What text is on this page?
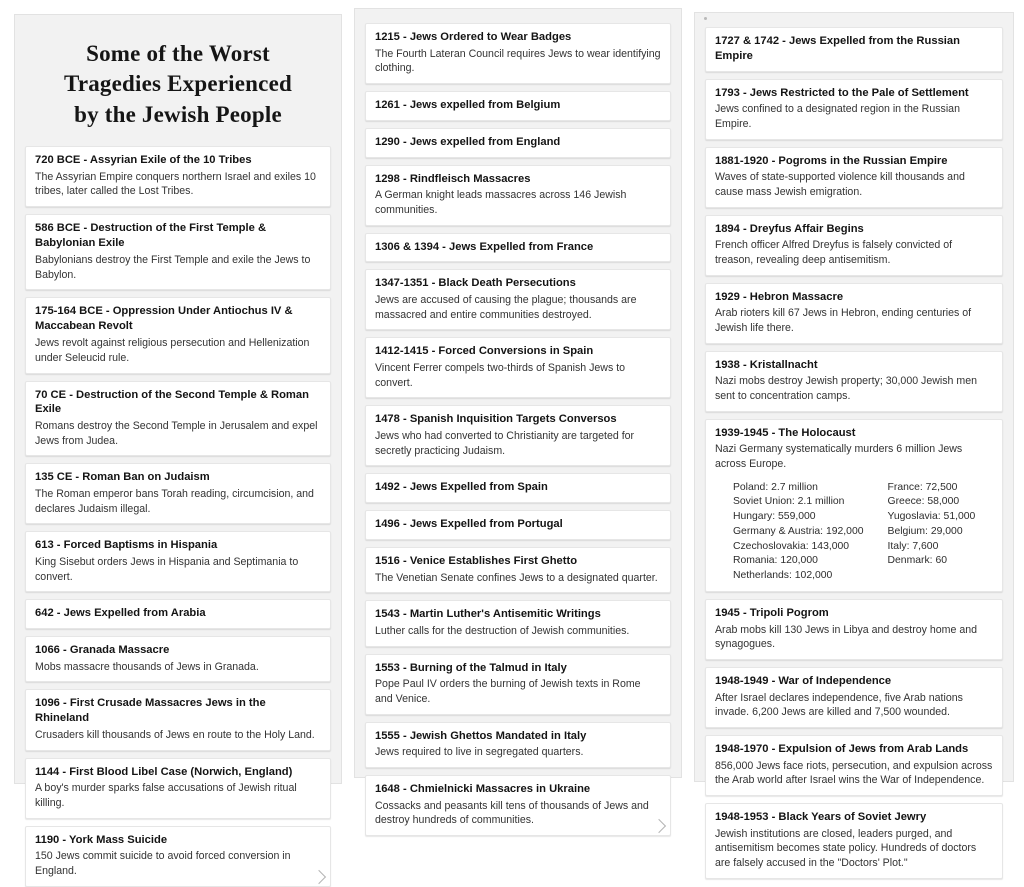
Some of the Worst
Tragedies Experienced
by the Jewish People
720 BCE - Assyrian Exile of the 10 Tribes
The Assyrian Empire conquers northern Israel and exiles 10 tribes, later called the Lost Tribes.
586 BCE - Destruction of the First Temple & Babylonian Exile
Babylonians destroy the First Temple and exile the Jews to Babylon.
175-164 BCE - Oppression Under Antiochus IV & Maccabean Revolt
Jews revolt against religious persecution and Hellenization under Seleucid rule.
70 CE - Destruction of the Second Temple & Roman Exile
Romans destroy the Second Temple in Jerusalem and expel Jews from Judea.
135 CE - Roman Ban on Judaism
The Roman emperor bans Torah reading, circumcision, and declares Judaism illegal.
613 - Forced Baptisms in Hispania
King Sisebut orders Jews in Hispania and Septimania to convert.
642 - Jews Expelled from Arabia
1066 - Granada Massacre
Mobs massacre thousands of Jews in Granada.
1096 - First Crusade Massacres Jews in the Rhineland
Crusaders kill thousands of Jews en route to the Holy Land.
1144 - First Blood Libel Case (Norwich, England)
A boy's murder sparks false accusations of Jewish ritual killing.
1190 - York Mass Suicide
150 Jews commit suicide to avoid forced conversion in England.
1215 - Jews Ordered to Wear Badges
The Fourth Lateran Council requires Jews to wear identifying clothing.
1261 - Jews expelled from Belgium
1290 - Jews expelled from England
1298 - Rindfleisch Massacres
A German knight leads massacres across 146 Jewish communities.
1306 & 1394 - Jews Expelled from France
1347-1351 - Black Death Persecutions
Jews are accused of causing the plague; thousands are massacred and entire communities destroyed.
1412-1415 - Forced Conversions in Spain
Vincent Ferrer compels two-thirds of Spanish Jews to convert.
1478 - Spanish Inquisition Targets Conversos
Jews who had converted to Christianity are targeted for secretly practicing Judaism.
1492 - Jews Expelled from Spain
1496 - Jews Expelled from Portugal
1516 - Venice Establishes First Ghetto
The Venetian Senate confines Jews to a designated quarter.
1543 - Martin Luther's Antisemitic Writings
Luther calls for the destruction of Jewish communities.
1553 - Burning of the Talmud in Italy
Pope Paul IV orders the burning of Jewish texts in Rome and Venice.
1555 - Jewish Ghettos Mandated in Italy
Jews required to live in segregated quarters.
1648 - Chmielnicki Massacres in Ukraine
Cossacks and peasants kill tens of thousands of Jews and destroy hundreds of communities.
1727 & 1742 - Jews Expelled from the Russian Empire
1793 - Jews Restricted to the Pale of Settlement
Jews confined to a designated region in the Russian Empire.
1881-1920 - Pogroms in the Russian Empire
Waves of state-supported violence kill thousands and cause mass Jewish emigration.
1894 - Dreyfus Affair Begins
French officer Alfred Dreyfus is falsely convicted of treason, revealing deep antisemitism.
1929 - Hebron Massacre
Arab rioters kill 67 Jews in Hebron, ending centuries of Jewish life there.
1938 - Kristallnacht
Nazi mobs destroy Jewish property; 30,000 Jewish men sent to concentration camps.
1939-1945 - The Holocaust
Nazi Germany systematically murders 6 million Jews across Europe.
Poland: 2.7 million
Soviet Union: 2.1 million
Hungary: 559,000
Germany & Austria: 192,000
Czechoslovakia: 143,000
Romania: 120,000
Netherlands: 102,000
France: 72,500
Greece: 58,000
Yugoslavia: 51,000
Belgium: 29,000
Italy: 7,600
Denmark: 60
1945 - Tripoli Pogrom
Arab mobs kill 130 Jews in Libya and destroy home and synagogues.
1948-1949 - War of Independence
After Israel declares independence, five Arab nations invade. 6,200 Jews are killed and 7,500 wounded.
1948-1970 - Expulsion of Jews from Arab Lands
856,000 Jews face riots, persecution, and expulsion across the Arab world after Israel wins the War of Independence.
1948-1953 - Black Years of Soviet Jewry
Jewish institutions are closed, leaders purged, and antisemitism becomes state policy. Hundreds of doctors are falsely accused in the "Doctors' Plot."
